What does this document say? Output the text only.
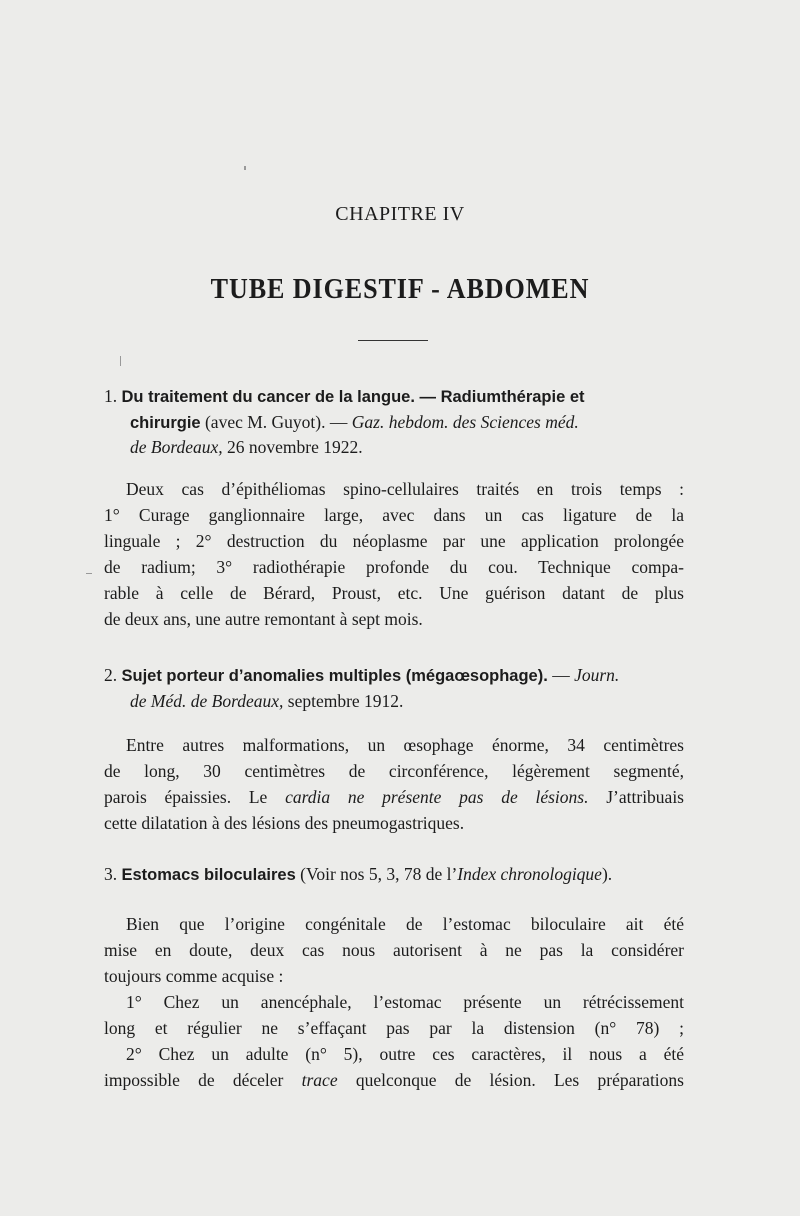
CHAPITRE IV
TUBE DIGESTIF - ABDOMEN
1. Du traitement du cancer de la langue. — Radiumthérapie et
chirurgie (avec M. Guyot). — Gaz. hebdom. des Sciences méd.
de Bordeaux, 26 novembre 1922.
Deux cas d’épithéliomas spino-cellulaires traités en trois temps :
1° Curage ganglionnaire large, avec dans un cas ligature de la
linguale ; 2° destruction du néoplasme par une application prolongée
de radium; 3° radiothérapie profonde du cou. Technique compa-
rable à celle de Bérard, Proust, etc. Une guérison datant de plus
de deux ans, une autre remontant à sept mois.
2. Sujet porteur d’anomalies multiples (mégaœsophage). — Journ.
de Méd. de Bordeaux, septembre 1912.
Entre autres malformations, un œsophage énorme, 34 centimètres
de long, 30 centimètres de circonférence, légèrement segmenté,
parois épaissies. Le cardia ne présente pas de lésions. J’attribuais
cette dilatation à des lésions des pneumogastriques.
3. Estomacs biloculaires (Voir nos 5, 3, 78 de l’Index chronologique).
Bien que l’origine congénitale de l’estomac biloculaire ait été
mise en doute, deux cas nous autorisent à ne pas la considérer
toujours comme acquise :
1° Chez un anencéphale, l’estomac présente un rétrécissement
long et régulier ne s’effaçant pas par la distension (n° 78) ;
2° Chez un adulte (n° 5), outre ces caractères, il nous a été
impossible de déceler trace quelconque de lésion. Les préparations
